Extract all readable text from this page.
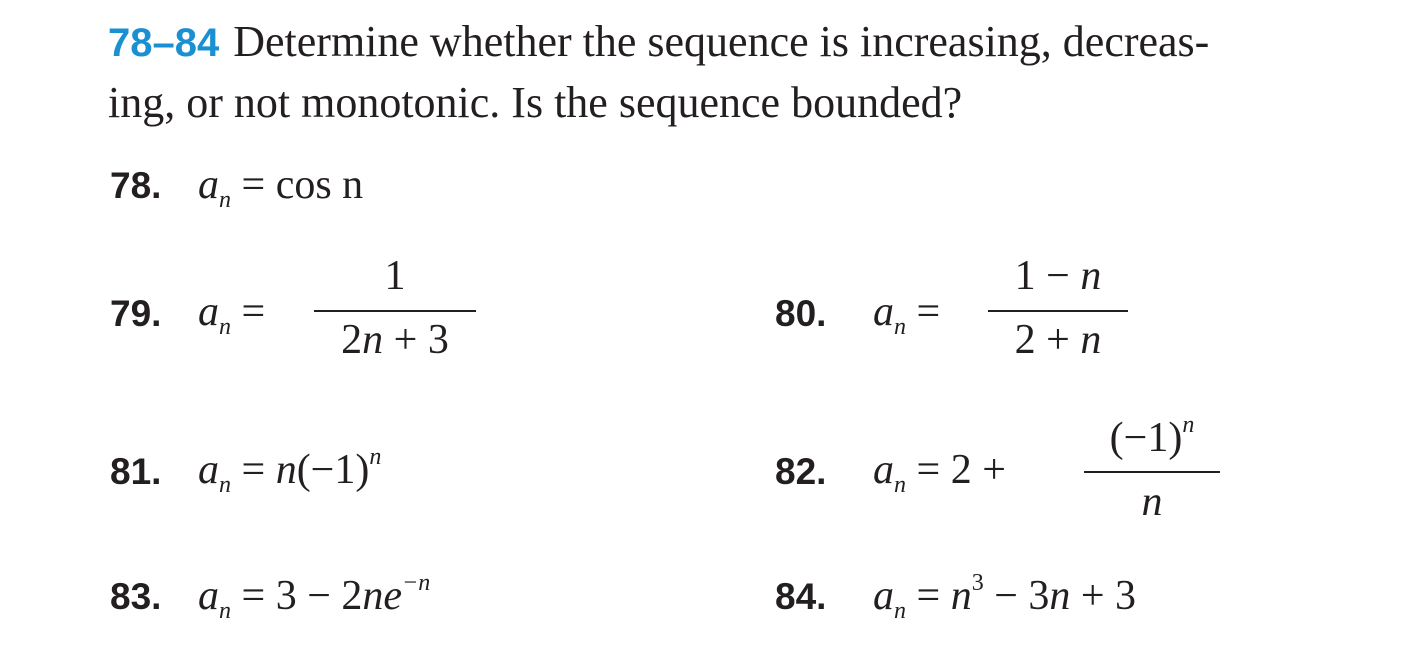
78–84 Determine whether the sequence is increasing, decreas-
ing, or not monotonic. Is the sequence bounded?
78. $a_n = \cos n$
79. $a_n$ =
1
2n + 3
80. $a_n$ =
1 − n
2 + n
81. $a_n = n(-1)^n$	82. $a_n = 2$ +
$(-1)^n$
n
83. $a_n = 3 - 2ne^{-n}$	84. $a_n = n^3 - 3n + 3$
